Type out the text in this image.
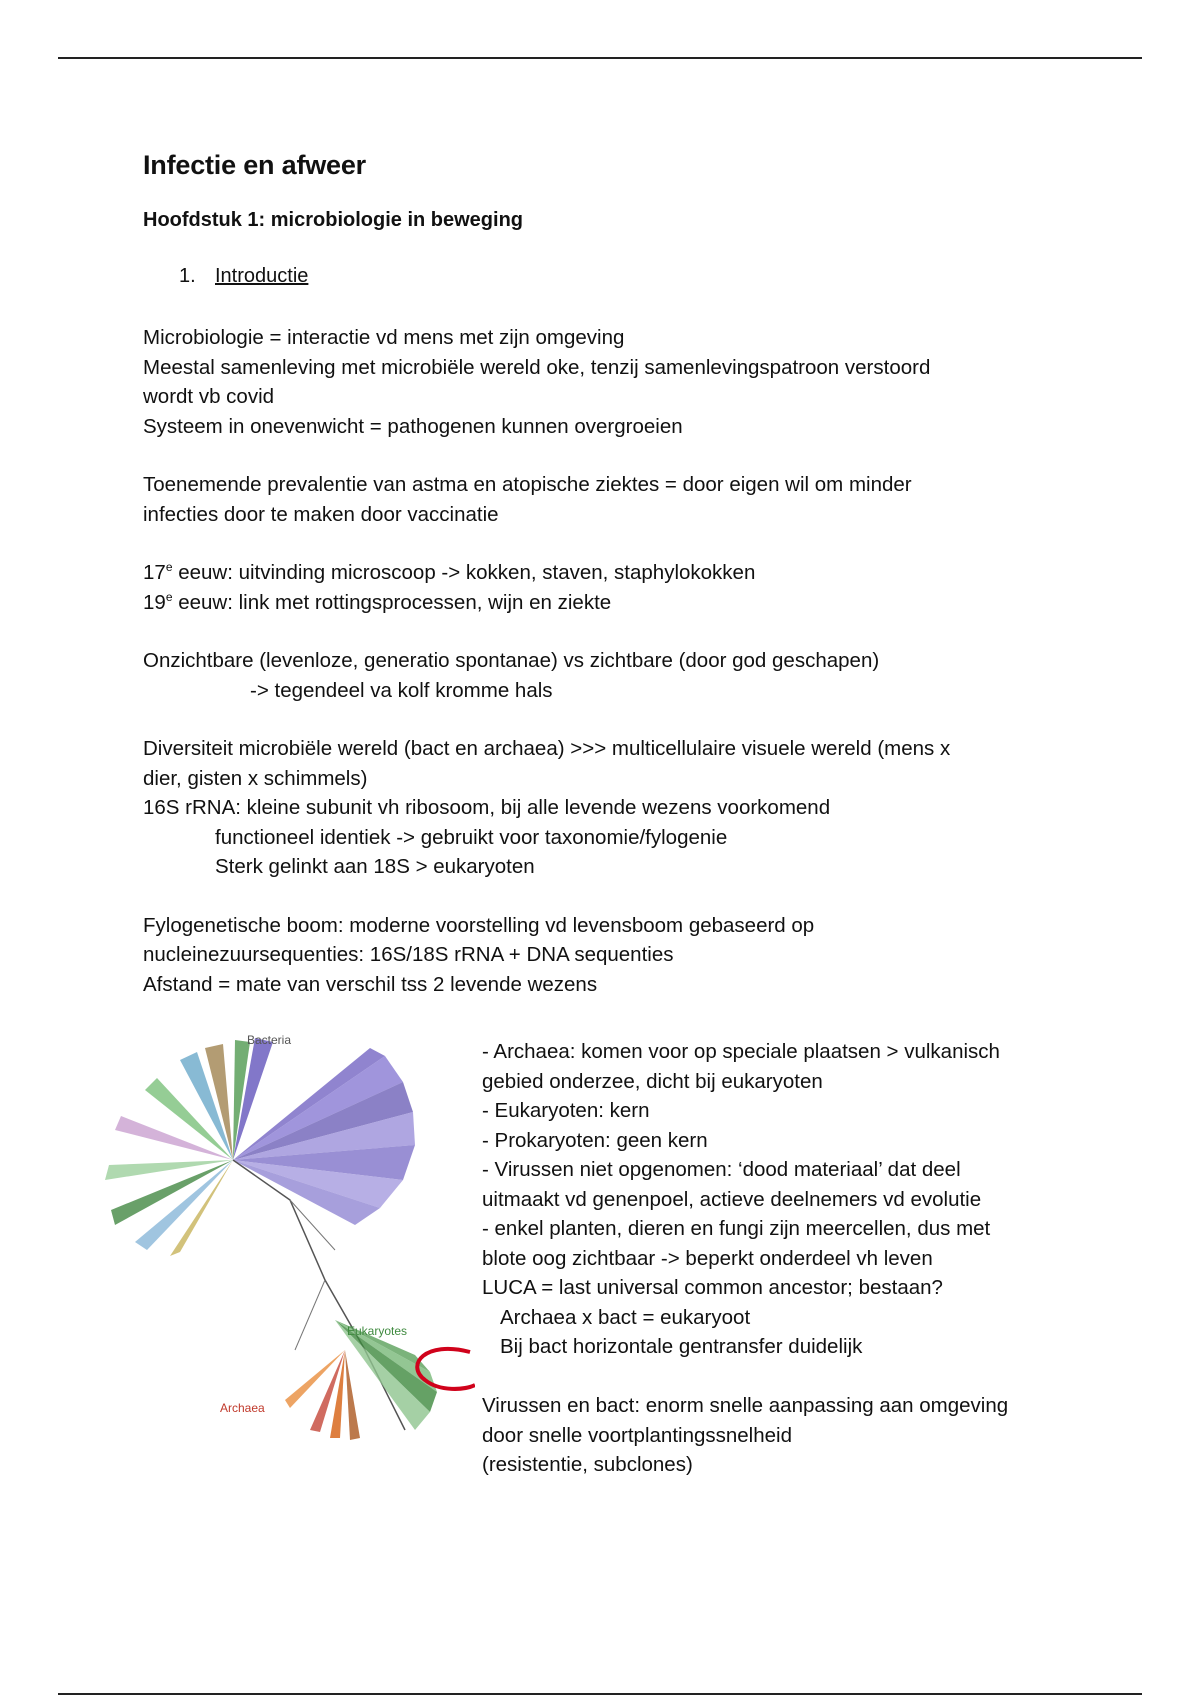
Infectie en afweer
Hoofdstuk 1: microbiologie in beweging
1. Introductie
Microbiologie = interactie vd mens met zijn omgeving
Meestal samenleving met microbiële wereld oke, tenzij samenlevingspatroon verstoord
wordt vb covid
Systeem in onevenwicht = pathogenen kunnen overgroeien
Toenemende prevalentie van astma en atopische ziektes = door eigen wil om minder
infecties door te maken door vaccinatie
17e eeuw: uitvinding microscoop -> kokken, staven, staphylokokken
19e eeuw: link met rottingsprocessen, wijn en ziekte
Onzichtbare (levenloze, generatio spontanae) vs zichtbare (door god geschapen)
-> tegendeel va kolf kromme hals
Diversiteit microbiële wereld (bact en archaea) >>> multicellulaire visuele wereld (mens x
dier, gisten x schimmels)
16S rRNA: kleine subunit vh ribosoom, bij alle levende wezens voorkomend
functioneel identiek -> gebruikt voor taxonomie/fylogenie
Sterk gelinkt aan 18S > eukaryoten
Fylogenetische boom: moderne voorstelling vd levensboom gebaseerd op
nucleinezuursequenties: 16S/18S rRNA + DNA sequenties
Afstand = mate van verschil tss 2 levende wezens
Bacteria
Eukaryotes
Archaea
- Archaea: komen voor op speciale plaatsen > vulkanisch
gebied onderzee, dicht bij eukaryoten
- Eukaryoten: kern
- Prokaryoten: geen kern
- Virussen niet opgenomen: ‘dood materiaal’ dat deel
uitmaakt vd genenpoel, actieve deelnemers vd evolutie
- enkel planten, dieren en fungi zijn meercellen, dus met
blote oog zichtbaar -> beperkt onderdeel vh leven
LUCA = last universal common ancestor; bestaan?
Archaea x bact = eukaryoot
Bij bact horizontale gentransfer duidelijk
Virussen en bact: enorm snelle aanpassing aan omgeving
door snelle voortplantingssnelheid
(resistentie, subclones)
